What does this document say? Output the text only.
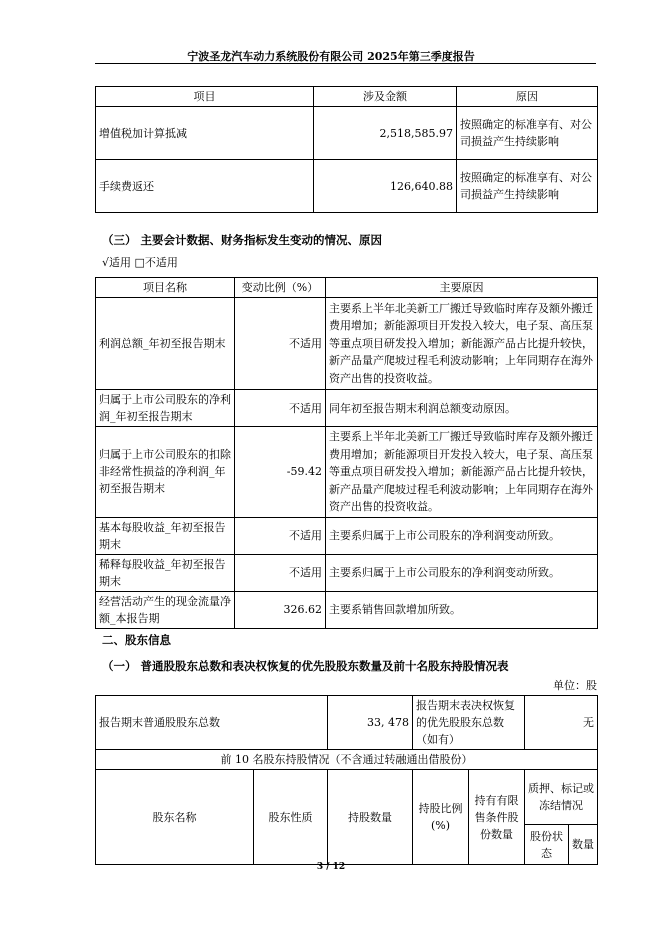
宁波圣龙汽车动力系统股份有限公司 2025年第三季度报告
项目	涉及金额	原因
增值税加计算抵减	2,518,585.97	按照确定的标准享有、对公司损益产生持续影响
手续费返还	126,640.88	按照确定的标准享有、对公司损益产生持续影响
（三） 主要会计数据、财务指标发生变动的情况、原因
√适用 □不适用
项目名称	变动比例（%）	主要原因
利润总额_年初至报告期末	不适用	主要系上半年北美新工厂搬迁导致临时库存及额外搬迁费用增加；新能源项目开发投入较大，电子泵、高压泵等重点项目研发投入增加；新能源产品占比提升较快，新产品量产爬坡过程毛利波动影响；上年同期存在海外资产出售的投资收益。
归属于上市公司股东的净利润_年初至报告期末	不适用	同年初至报告期末利润总额变动原因。
归属于上市公司股东的扣除非经常性损益的净利润_年初至报告期末	-59.42	主要系上半年北美新工厂搬迁导致临时库存及额外搬迁费用增加；新能源项目开发投入较大，电子泵、高压泵等重点项目研发投入增加；新能源产品占比提升较快，新产品量产爬坡过程毛利波动影响；上年同期存在海外资产出售的投资收益。
基本每股收益_年初至报告期末	不适用	主要系归属于上市公司股东的净利润变动所致。
稀释每股收益_年初至报告期末	不适用	主要系归属于上市公司股东的净利润变动所致。
经营活动产生的现金流量净额_本报告期	326.62	主要系销售回款增加所致。
二、股东信息
（一） 普通股股东总数和表决权恢复的优先股股东数量及前十名股东持股情况表
单位：股
报告期末普通股股东总数		33, 478	报告期末表决权恢复的优先股股东总数（如有）		无	
前 10 名股东持股情况（不含通过转融通出借股份）						
股东名称	股东性质	持股数量	持股比例(%)	持有有限售条件股份数量	质押、标记或冻结情况	
					股份状态	数量
3 / 12
